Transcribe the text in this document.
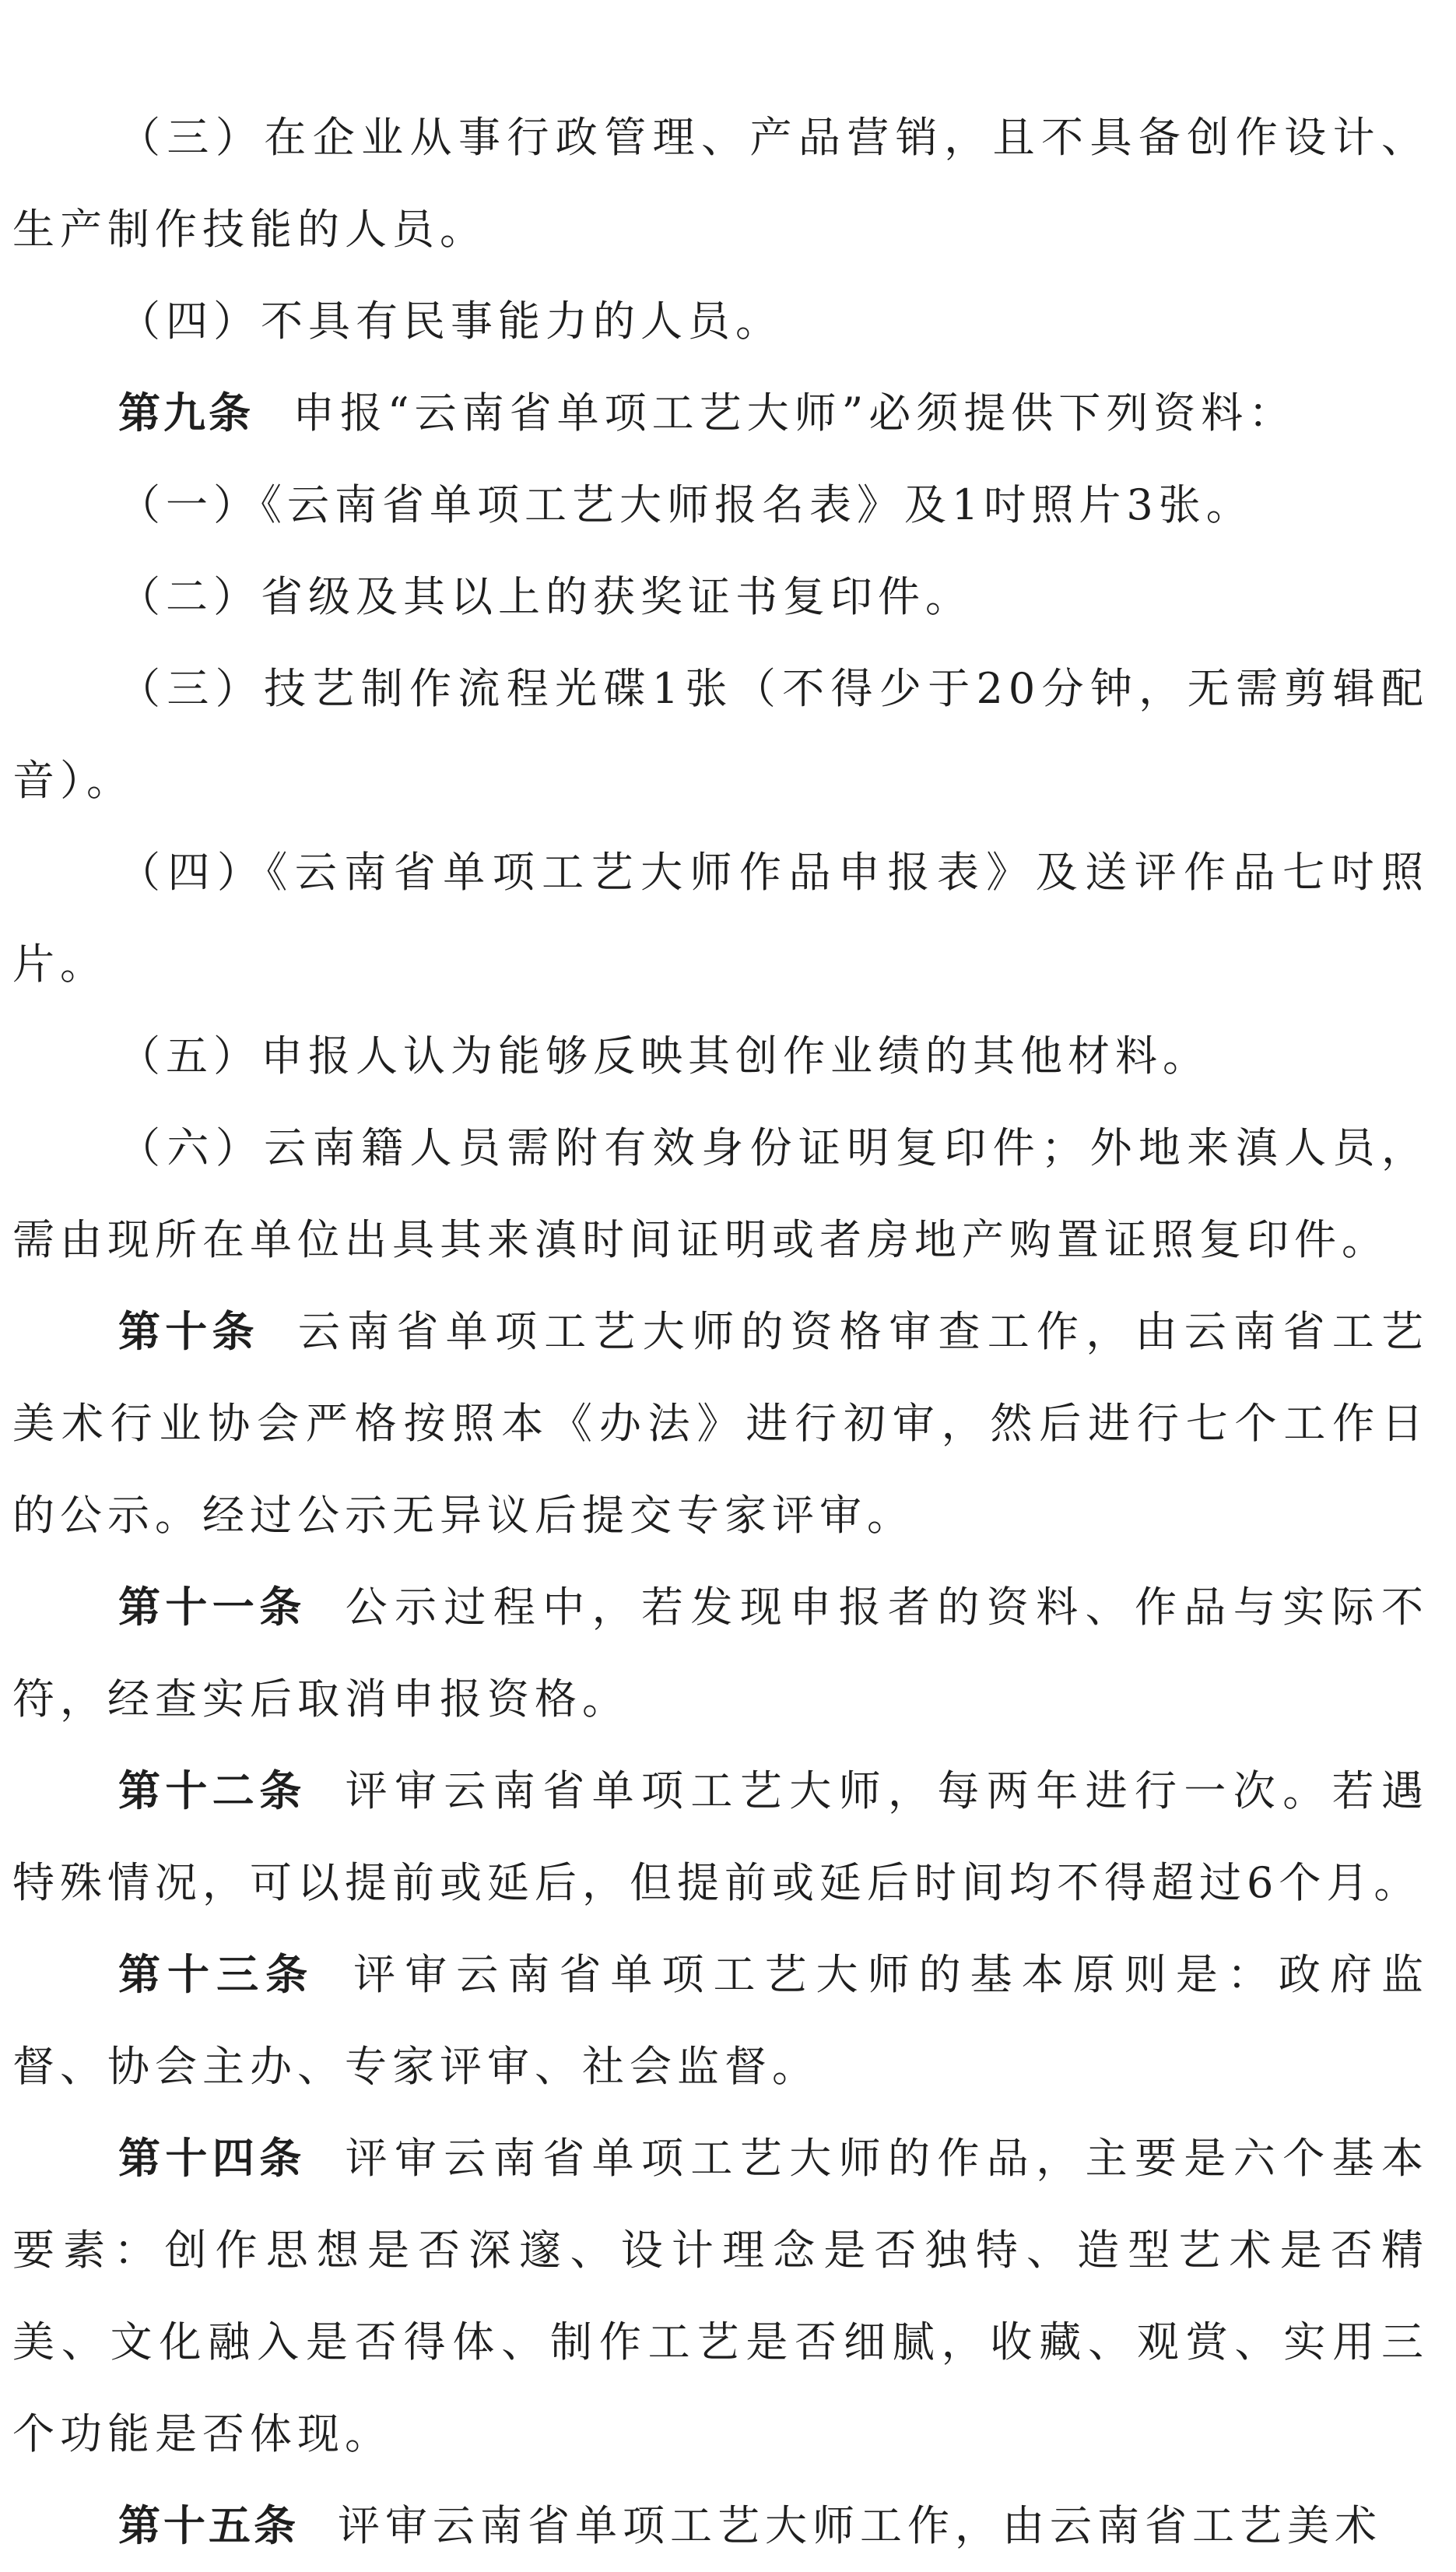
（三）在企业从事行政管理、产品营销，且不具备创作设计、生产制作技能的人员。

（四）不具有民事能力的人员。

第九条 申报“云南省单项工艺大师”必须提供下列资料：

（一）《云南省单项工艺大师报名表》及1吋照片3张。

（二）省级及其以上的获奖证书复印件。

（三）技艺制作流程光碟1张（不得少于20分钟，无需剪辑配音）。

（四）《云南省单项工艺大师作品申报表》及送评作品七吋照片。

（五）申报人认为能够反映其创作业绩的其他材料。

（六）云南籍人员需附有效身份证明复印件；外地来滇人员，需由现所在单位出具其来滇时间证明或者房地产购置证照复印件。

第十条 云南省单项工艺大师的资格审查工作，由云南省工艺美术行业协会严格按照本《办法》进行初审，然后进行七个工作日的公示。经过公示无异议后提交专家评审。

第十一条 公示过程中，若发现申报者的资料、作品与实际不符，经查实后取消申报资格。

第十二条 评审云南省单项工艺大师，每两年进行一次。若遇特殊情况，可以提前或延后，但提前或延后时间均不得超过6个月。

第十三条 评审云南省单项工艺大师的基本原则是：政府监督、协会主办、专家评审、社会监督。

第十四条 评审云南省单项工艺大师的作品，主要是六个基本要素：创作思想是否深邃、设计理念是否独特、造型艺术是否精美、文化融入是否得体、制作工艺是否细腻，收藏、观赏、实用三个功能是否体现。

第十五条 评审云南省单项工艺大师工作，由云南省工艺美术
